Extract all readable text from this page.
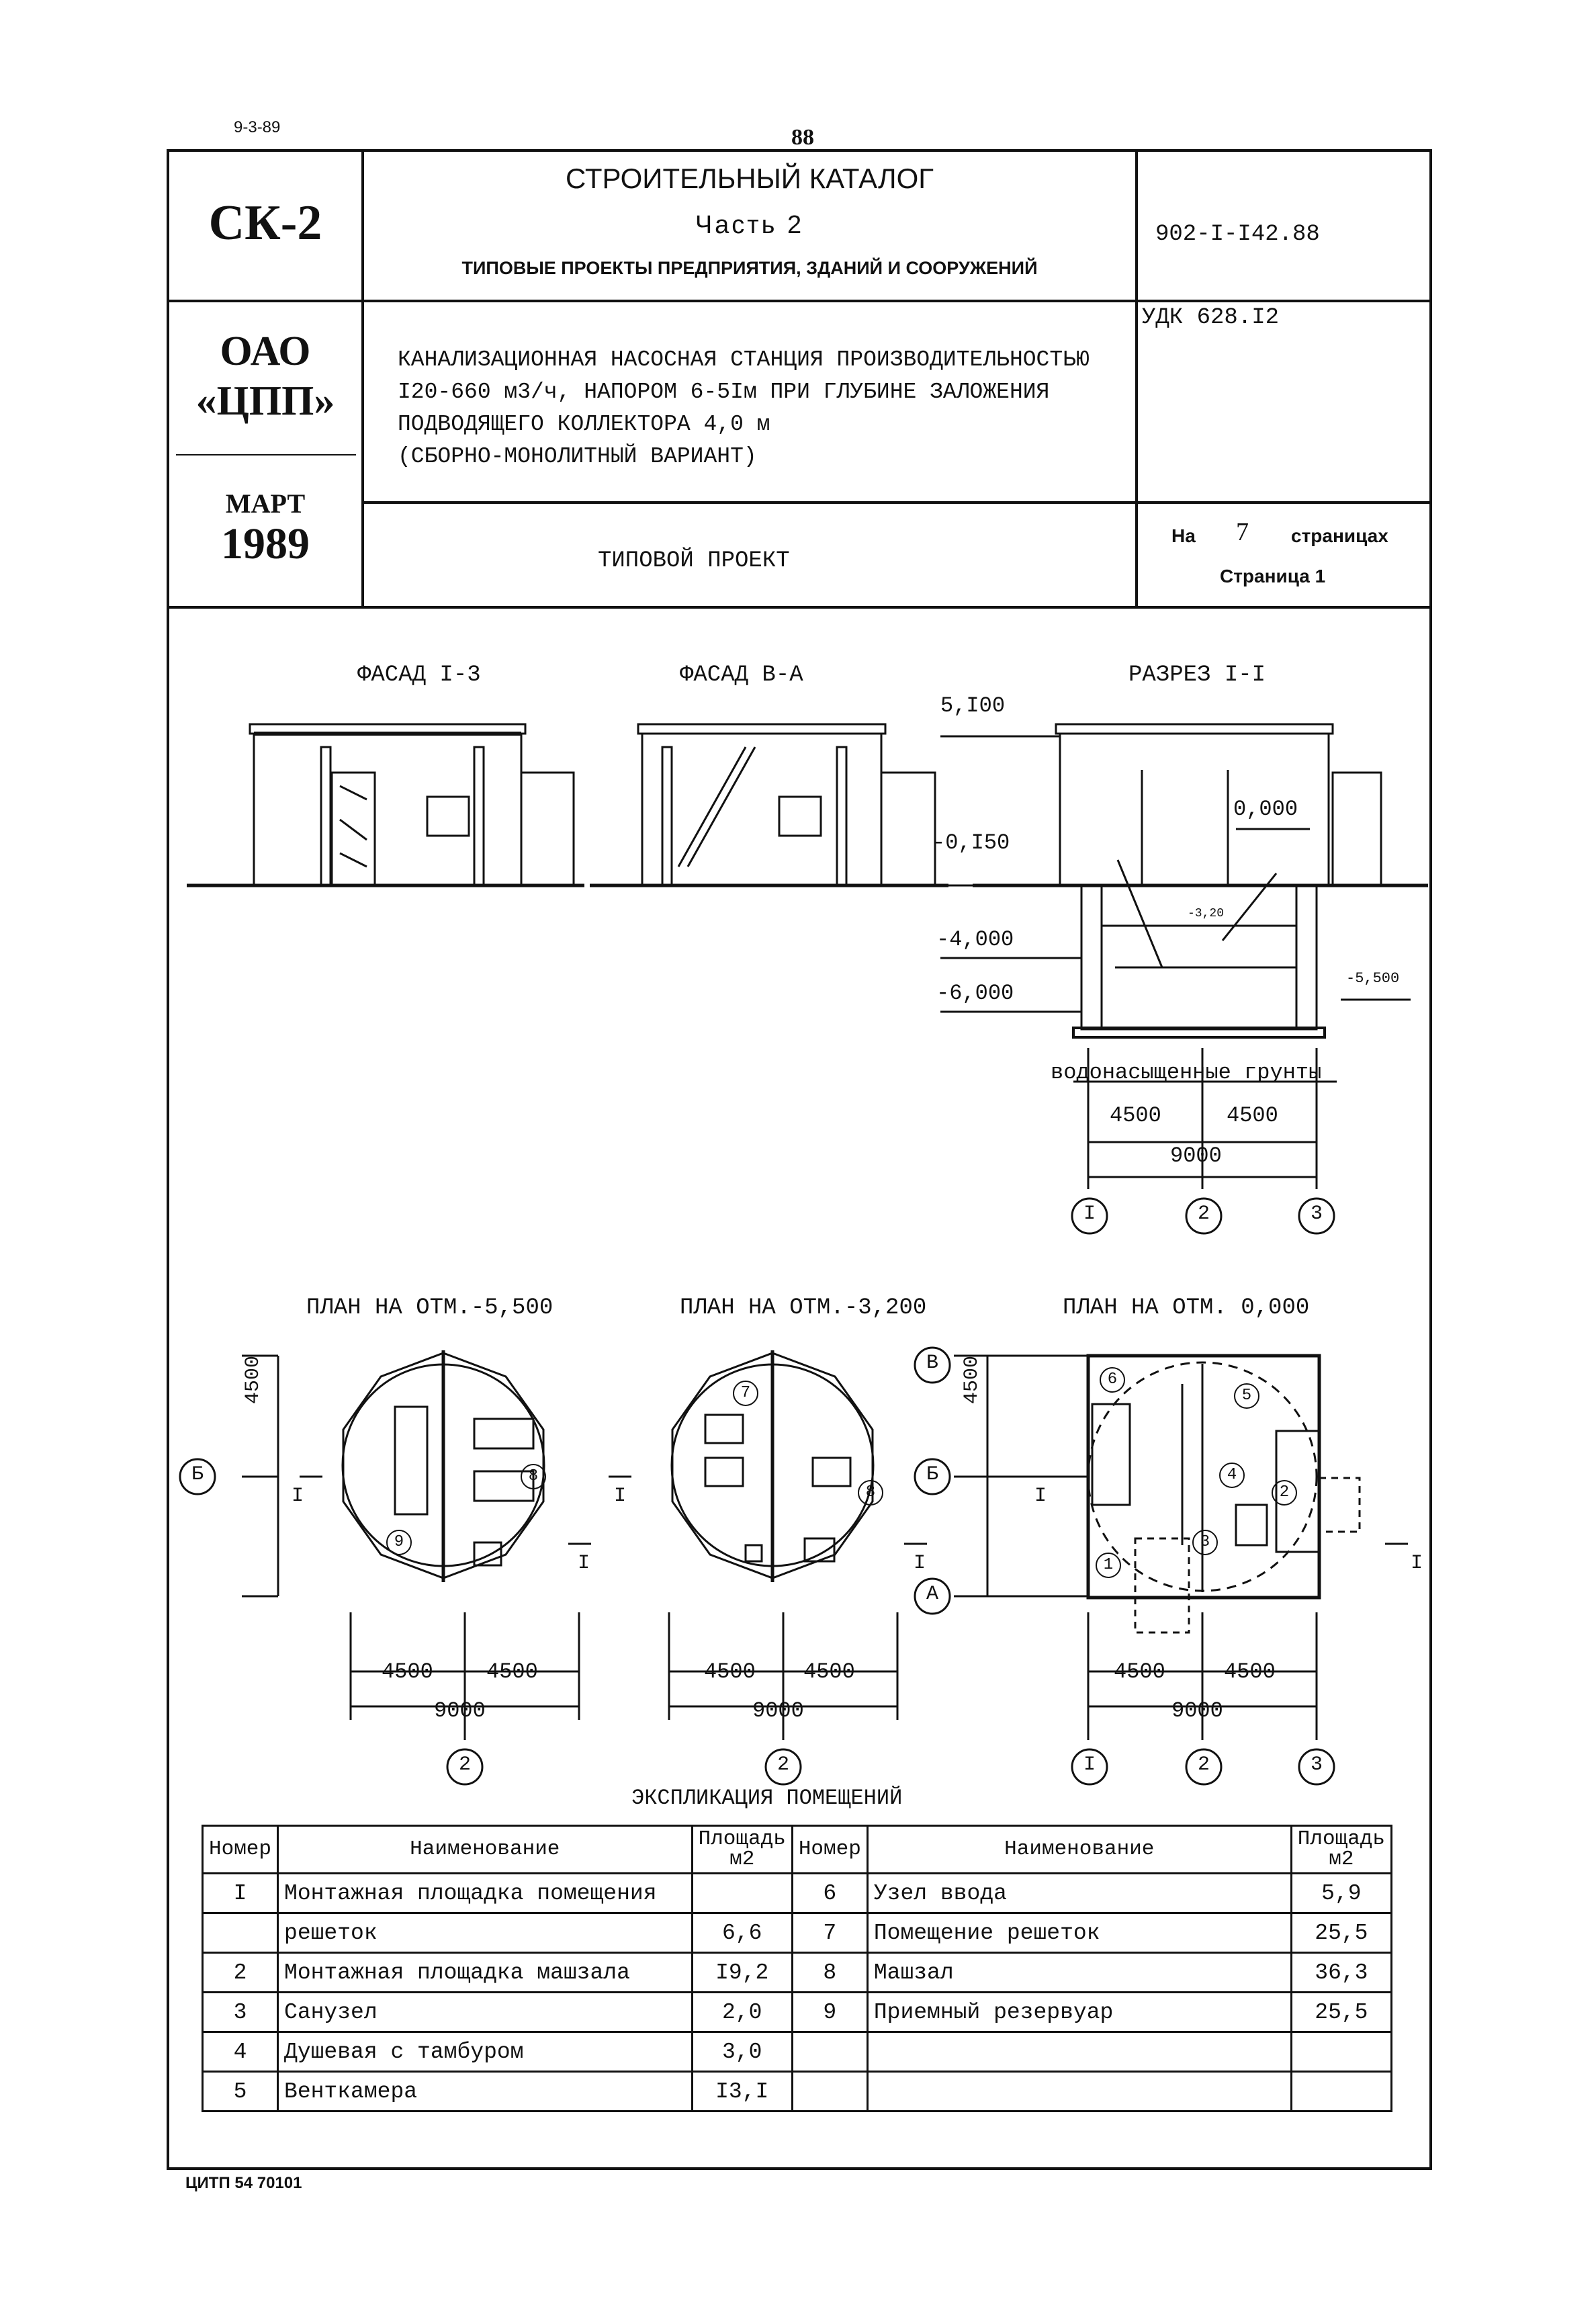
9-3-89	88
СК-2
СТРОИТЕЛЬНЫЙ КАТАЛОГ
Часть 2
ТИПОВЫЕ ПРОЕКТЫ ПРЕДПРИЯТИЯ, ЗДАНИЙ И СООРУЖЕНИЙ
902-I-I42.88
ОАО
«ЦПП»
КАНАЛИЗАЦИОННАЯ НАСОСНАЯ СТАНЦИЯ ПРОИЗВОДИТЕЛЬНОСТЬЮ
I20-660 м3/ч, НАПОРОМ 6-5Iм ПРИ ГЛУБИНЕ ЗАЛОЖЕНИЯ
ПОДВОДЯЩЕГО КОЛЛЕКТОРА 4,0 м
(СБОРНО-МОНОЛИТНЫЙ ВАРИАНТ)
УДК 628.I2
МАРТ
1989	ТИПОВОЙ ПРОЕКТ
На 7 страницах
Страница 1
ФАСАД I-3	ФАСАД В-А	РАЗРЕЗ I-I
ПЛАН НА ОТМ.-5,500	ПЛАН НА ОТМ.-3,200	ПЛАН НА ОТМ. 0,000
5,I00
0,000
-0,I50
-4,000
-6,000
-3,20
-5,500
водонасыщенные грунты
4500	4500
9000
I	2	3
4500 4500
9000
4500 4500
9000
4500	4500
9000
4500	4500
2	2	I	2	3
Б	Б
В
А
8
9
7
8
6
5
4
2
3
1
I
I
I
I
I
I
ЭКСПЛИКАЦИЯ ПОМЕЩЕНИЙ
Номер	Наименование	Площадь м2	Номер	Наименование	Площадь м2
I	Монтажная площадка помещения		6	Узел ввода	5,9
	решеток	6,6	7	Помещение решеток	25,5
2	Монтажная площадка машзала	I9,2	8	Машзал	36,3
3	Санузел	2,0	9	Приемный резервуар	25,5
4	Душевая с тамбуром	3,0			
5	Венткамера	I3,I			
ЦИТП 54 70101
